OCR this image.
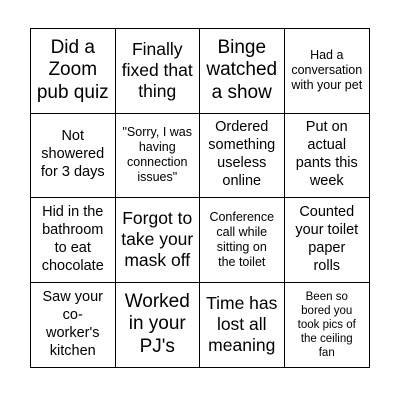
Did a
Zoom
pub quiz
Finally
fixed that
thing
Binge
watched
a show
Had a
conversation
with your pet
Not
showered
for 3 days
"Sorry, I was
having
connection
issues"
Ordered
something
useless
online
Put on
actual
pants this
week
Hid in the
bathroom
to eat
chocolate
Forgot to
take your
mask off
Conference
call while
sitting on
the toilet
Counted
your toilet
paper
rolls
Saw your
co-
worker's
kitchen
Worked
in your
PJ's
Time has
lost all
meaning
Been so
bored you
took pics of
the ceiling
fan
